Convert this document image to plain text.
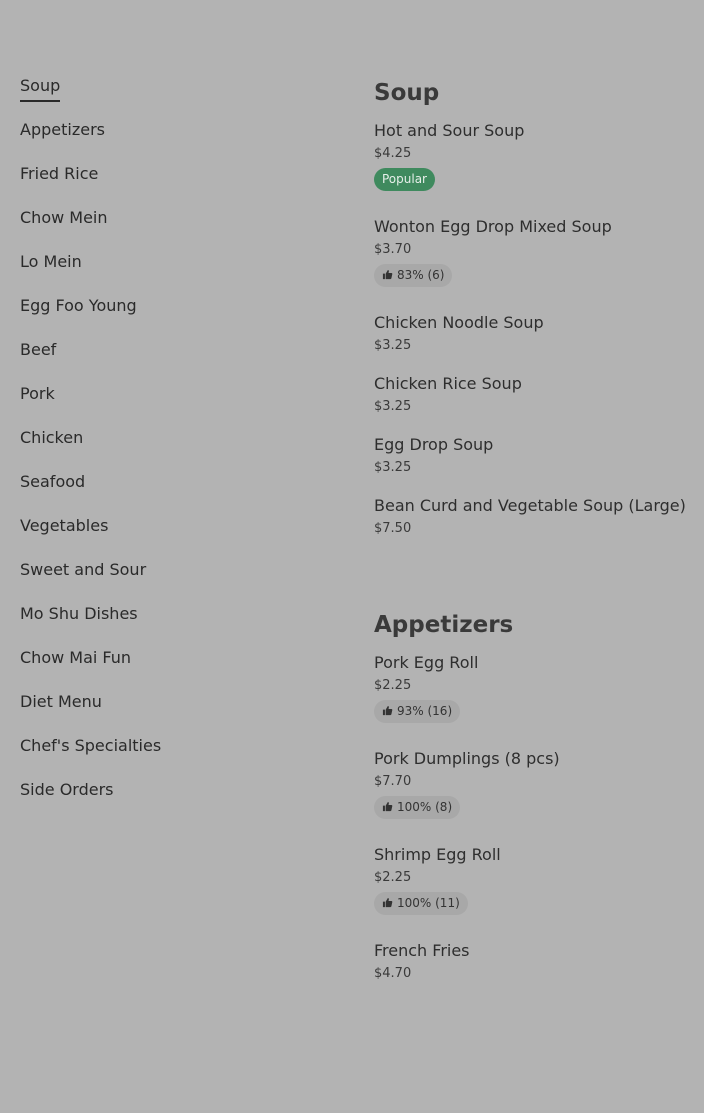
Soup
Appetizers
Fried Rice
Chow Mein
Lo Mein
Egg Foo Young
Beef
Pork
Chicken
Seafood
Vegetables
Sweet and Sour
Mo Shu Dishes
Chow Mai Fun
Diet Menu
Chef's Specialties
Side Orders
Soup
Hot and Sour Soup
$4.25
Popular
Wonton Egg Drop Mixed Soup
$3.70
83% (6)
Chicken Noodle Soup
$3.25
Chicken Rice Soup
$3.25
Egg Drop Soup
$3.25
Bean Curd and Vegetable Soup (Large)
$7.50
Appetizers
Pork Egg Roll
$2.25
93% (16)
Pork Dumplings (8 pcs)
$7.70
100% (8)
Shrimp Egg Roll
$2.25
100% (11)
French Fries
$4.70
